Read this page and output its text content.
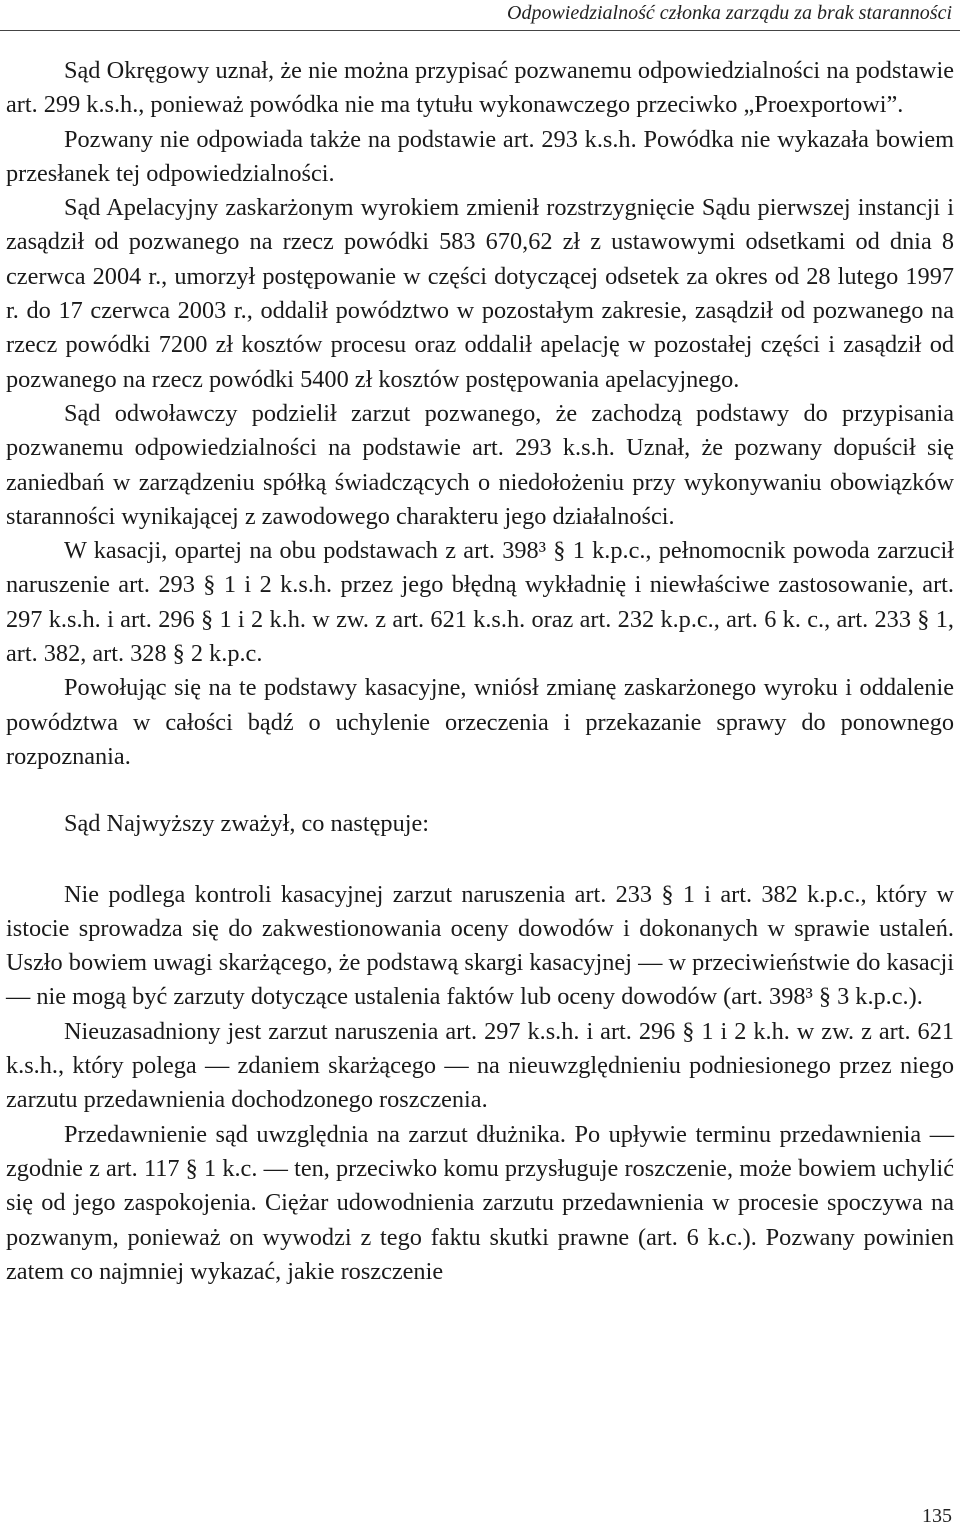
Odpowiedzialność członka zarządu za brak staranności

Sąd Okręgowy uznał, że nie można przypisać pozwanemu odpowiedzialności na podstawie art. 299 k.s.h., ponieważ powódka nie ma tytułu wykonawczego przeciwko „Proexportowi”.

Pozwany nie odpowiada także na podstawie art. 293 k.s.h. Powódka nie wykazała bowiem przesłanek tej odpowiedzialności.

Sąd Apelacyjny zaskarżonym wyrokiem zmienił rozstrzygnięcie Sądu pierwszej instancji i zasądził od pozwanego na rzecz powódki 583 670,62 zł z ustawowymi odsetkami od dnia 8 czerwca 2004 r., umorzył postępowanie w części dotyczącej odsetek za okres od 28 lutego 1997 r. do 17 czerwca 2003 r., oddalił powództwo w pozostałym zakresie, zasądził od pozwanego na rzecz powódki 7200 zł kosztów procesu oraz oddalił apelację w pozostałej części i zasądził od pozwanego na rzecz powódki 5400 zł kosztów postępowania apelacyjnego.

Sąd odwoławczy podzielił zarzut pozwanego, że zachodzą podstawy do przypisania pozwanemu odpowiedzialności na podstawie art. 293 k.s.h. Uznał, że pozwany dopuścił się zaniedbań w zarządzeniu spółką świadczących o niedołożeniu przy wykonywaniu obowiązków staranności wynikającej z zawodowego charakteru jego działalności.

W kasacji, opartej na obu podstawach z art. 398³ § 1 k.p.c., pełnomocnik powoda zarzucił naruszenie art. 293 § 1 i 2 k.s.h. przez jego błędną wykładnię i niewłaściwe zastosowanie, art. 297 k.s.h. i art. 296 § 1 i 2 k.h. w zw. z art. 621 k.s.h. oraz art. 232 k.p.c., art. 6 k. c., art. 233 § 1, art. 382, art. 328 § 2 k.p.c.

Powołując się na te podstawy kasacyjne, wniósł zmianę zaskarżonego wyroku i oddalenie powództwa w całości bądź o uchylenie orzeczenia i przekazanie sprawy do ponownego rozpoznania.

Sąd Najwyższy zważył, co następuje:

Nie podlega kontroli kasacyjnej zarzut naruszenia art. 233 § 1 i art. 382 k.p.c., który w istocie sprowadza się do zakwestionowania oceny dowodów i dokonanych w sprawie ustaleń. Uszło bowiem uwagi skarżącego, że podstawą skargi kasacyjnej — w przeciwieństwie do kasacji — nie mogą być zarzuty dotyczące ustalenia faktów lub oceny dowodów (art. 398³ § 3 k.p.c.).

Nieuzasadniony jest zarzut naruszenia art. 297 k.s.h. i art. 296 § 1 i 2 k.h. w zw. z art. 621 k.s.h., który polega — zdaniem skarżącego — na nieuwzględnieniu podniesionego przez niego zarzutu przedawnienia dochodzonego roszczenia.

Przedawnienie sąd uwzględnia na zarzut dłużnika. Po upływie terminu przedawnienia — zgodnie z art. 117 § 1 k.c. — ten, przeciwko komu przysługuje roszczenie, może bowiem uchylić się od jego zaspokojenia. Ciężar udowodnienia zarzutu przedawnienia w procesie spoczywa na pozwanym, ponieważ on wywodzi z tego faktu skutki prawne (art. 6 k.c.). Pozwany powinien zatem co najmniej wykazać, jakie roszczenie

135
